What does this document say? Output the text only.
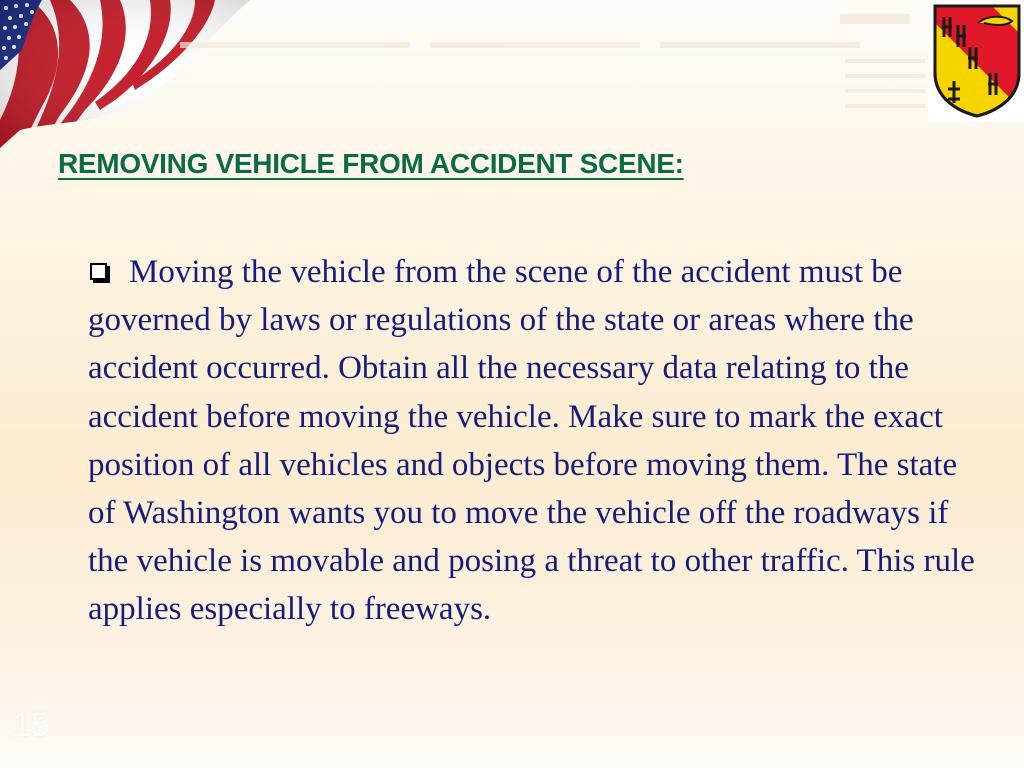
REMOVING VEHICLE FROM ACCIDENT SCENE:

Moving the vehicle from the scene of the accident must be governed by laws or regulations of the state or areas where the accident occurred. Obtain all the necessary data relating to the accident before moving the vehicle. Make sure to mark the exact position of all vehicles and objects before moving them. The state of Washington wants you to move the vehicle off the roadways if the vehicle is movable and posing a threat to other traffic. This rule applies especially to freeways.

15
